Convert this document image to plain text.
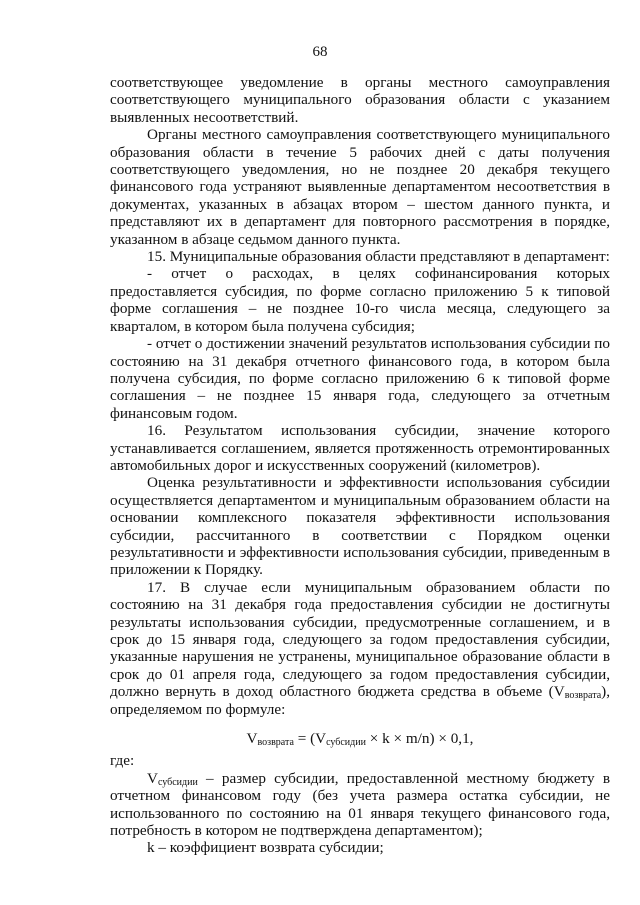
68

соответствующее уведомление в органы местного самоуправления соответствующего муниципального образования области с указанием выявленных несоответствий.

Органы местного самоуправления соответствующего муниципального образования области в течение 5 рабочих дней с даты получения соответствующего уведомления, но не позднее 20 декабря текущего финансового года устраняют выявленные департаментом несоответствия в документах, указанных в абзацах втором – шестом данного пункта, и представляют их в департамент для повторного рассмотрения в порядке, указанном в абзаце седьмом данного пункта.

15. Муниципальные образования области представляют в департамент:

- отчет о расходах, в целях софинансирования которых предоставляется субсидия, по форме согласно приложению 5 к типовой форме соглашения – не позднее 10-го числа месяца, следующего за кварталом, в котором была получена субсидия;

- отчет о достижении значений результатов использования субсидии по состоянию на 31 декабря отчетного финансового года, в котором была получена субсидия, по форме согласно приложению 6 к типовой форме соглашения – не позднее 15 января года, следующего за отчетным финансовым годом.

16. Результатом использования субсидии, значение которого устанавливается соглашением, является протяженность отремонтированных автомобильных дорог и искусственных сооружений (километров).

Оценка результативности и эффективности использования субсидии осуществляется департаментом и муниципальным образованием области на основании комплексного показателя эффективности использования субсидии, рассчитанного в соответствии с Порядком оценки результативности и эффективности использования субсидии, приведенным в приложении к Порядку.

17. В случае если муниципальным образованием области по состоянию на 31 декабря года предоставления субсидии не достигнуты результаты использования субсидии, предусмотренные соглашением, и в срок до 15 января года, следующего за годом предоставления субсидии, указанные нарушения не устранены, муниципальное образование области в срок до 01 апреля года, следующего за годом предоставления субсидии, должно вернуть в доход областного бюджета средства в объеме $(V_{возврата})$, определяемом по формуле:

$V_{возврата} = (V_{субсидии} \times k \times m/n) \times 0,1$,

где:

$V_{субсидии}$ – размер субсидии, предоставленной местному бюджету в отчетном финансовом году (без учета размера остатка субсидии, не использованного по состоянию на 01 января текущего финансового года, потребность в котором не подтверждена департаментом);

k – коэффициент возврата субсидии;
